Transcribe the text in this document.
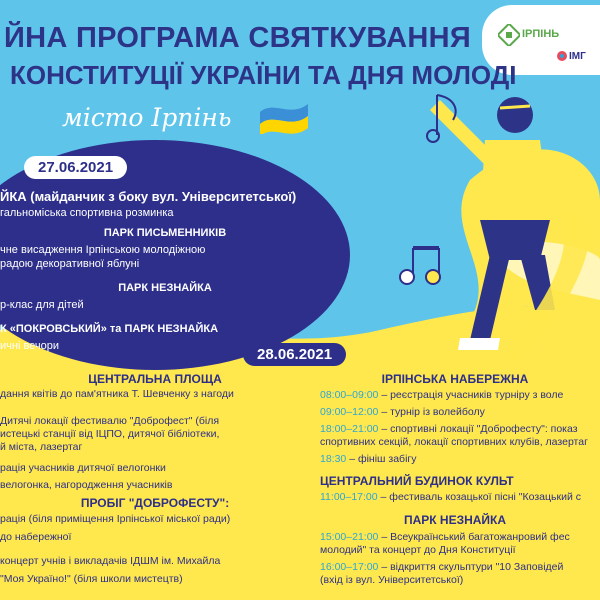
ІРПІНЬ
ІМГ
ЙНА ПРОГРАМА СВЯТКУВАННЯ
КОНСТИТУЦІЇ УКРАЇНИ ТА ДНЯ МОЛОДІ
місто Ірпінь
27.06.2021
ЙКА (майданчик з боку вул. Університетської)
гальноміська спортивна розминка
ПАРК ПИСЬМЕННИКІВ
чне висадження Ірпінською молодіжною
радою декоративної яблуні
ПАРК НЕЗНАЙКА
р-клас для дітей
К «ПОКРОВСЬКИЙ» та ПАРК НЕЗНАЙКА
ичні вечори	28.06.2021
ЦЕНТРАЛЬНА ПЛОЩА
дання квітів до пам'ятника Т. Шевченку з нагоди
Дитячі локації фестивалю "Доброфест" (біля
истецькі станції від ІЦПО, дитячої бібліотеки,
й міста, лазертаг
рація учасників дитячої велогонки
велогонка, нагородження учасників
ПРОБІГ "ДОБРОФЕСТУ":
рація (біля приміщення Ірпінської міської ради)
до набережної
концерт учнів і викладачів ІДШМ ім. Михайла
"Моя Україно!" (біля школи мистецтв)
ІРПІНСЬКА НАБЕРЕЖНА
08:00–09:00 – реєстрація учасників турніру з воле
09:00–12:00 – турнір із волейболу
18:00–21:00 – спортивні локації "Доброфесту": показ
спортивних секцій, локації спортивних клубів, лазертаг
18:30 – фініш забігу
ЦЕНТРАЛЬНИЙ БУДИНОК КУЛЬТ
11:00–17:00 – фестиваль козацької пісні "Козацький с
ПАРК НЕЗНАЙКА
15:00–21:00 – Всеукраїнський багатожанровий фес
молодий" та концерт до Дня Конституції
16:00–17:00 – відкриття скульптури "10 Заповідей
(вхід із вул. Університетської)
